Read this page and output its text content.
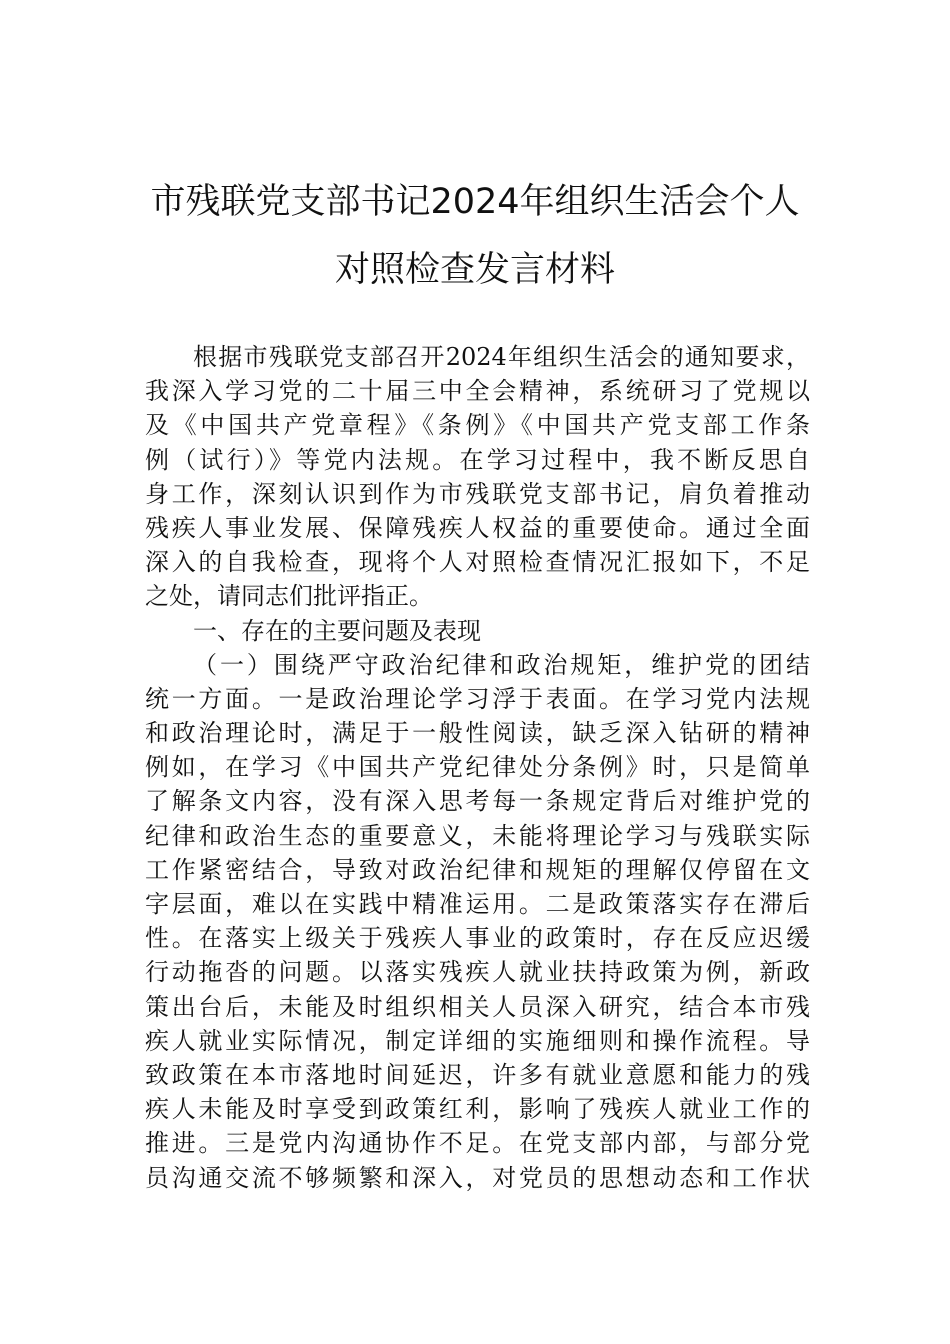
市残联党支部书记2024年组织生活会个人
对照检查发言材料
根据市残联党支部召开2024年组织生活会的通知要求，
我深入学习党的二十届三中全会精神，系统研习了党规以
及《中国共产党章程》《条例》《中国共产党支部工作条
例（试行）》等党内法规。在学习过程中，我不断反思自
身工作，深刻认识到作为市残联党支部书记，肩负着推动
残疾人事业发展、保障残疾人权益的重要使命。通过全面
深入的自我检查，现将个人对照检查情况汇报如下，不足
之处，请同志们批评指正。
一、存在的主要问题及表现
（一）围绕严守政治纪律和政治规矩，维护党的团结
统一方面。一是政治理论学习浮于表面。在学习党内法规
和政治理论时，满足于一般性阅读，缺乏深入钻研的精神
例如，在学习《中国共产党纪律处分条例》时，只是简单
了解条文内容，没有深入思考每一条规定背后对维护党的
纪律和政治生态的重要意义，未能将理论学习与残联实际
工作紧密结合，导致对政治纪律和规矩的理解仅停留在文
字层面，难以在实践中精准运用。二是政策落实存在滞后
性。在落实上级关于残疾人事业的政策时，存在反应迟缓
行动拖沓的问题。以落实残疾人就业扶持政策为例，新政
策出台后，未能及时组织相关人员深入研究，结合本市残
疾人就业实际情况，制定详细的实施细则和操作流程。导
致政策在本市落地时间延迟，许多有就业意愿和能力的残
疾人未能及时享受到政策红利，影响了残疾人就业工作的
推进。三是党内沟通协作不足。在党支部内部，与部分党
员沟通交流不够频繁和深入，对党员的思想动态和工作状
